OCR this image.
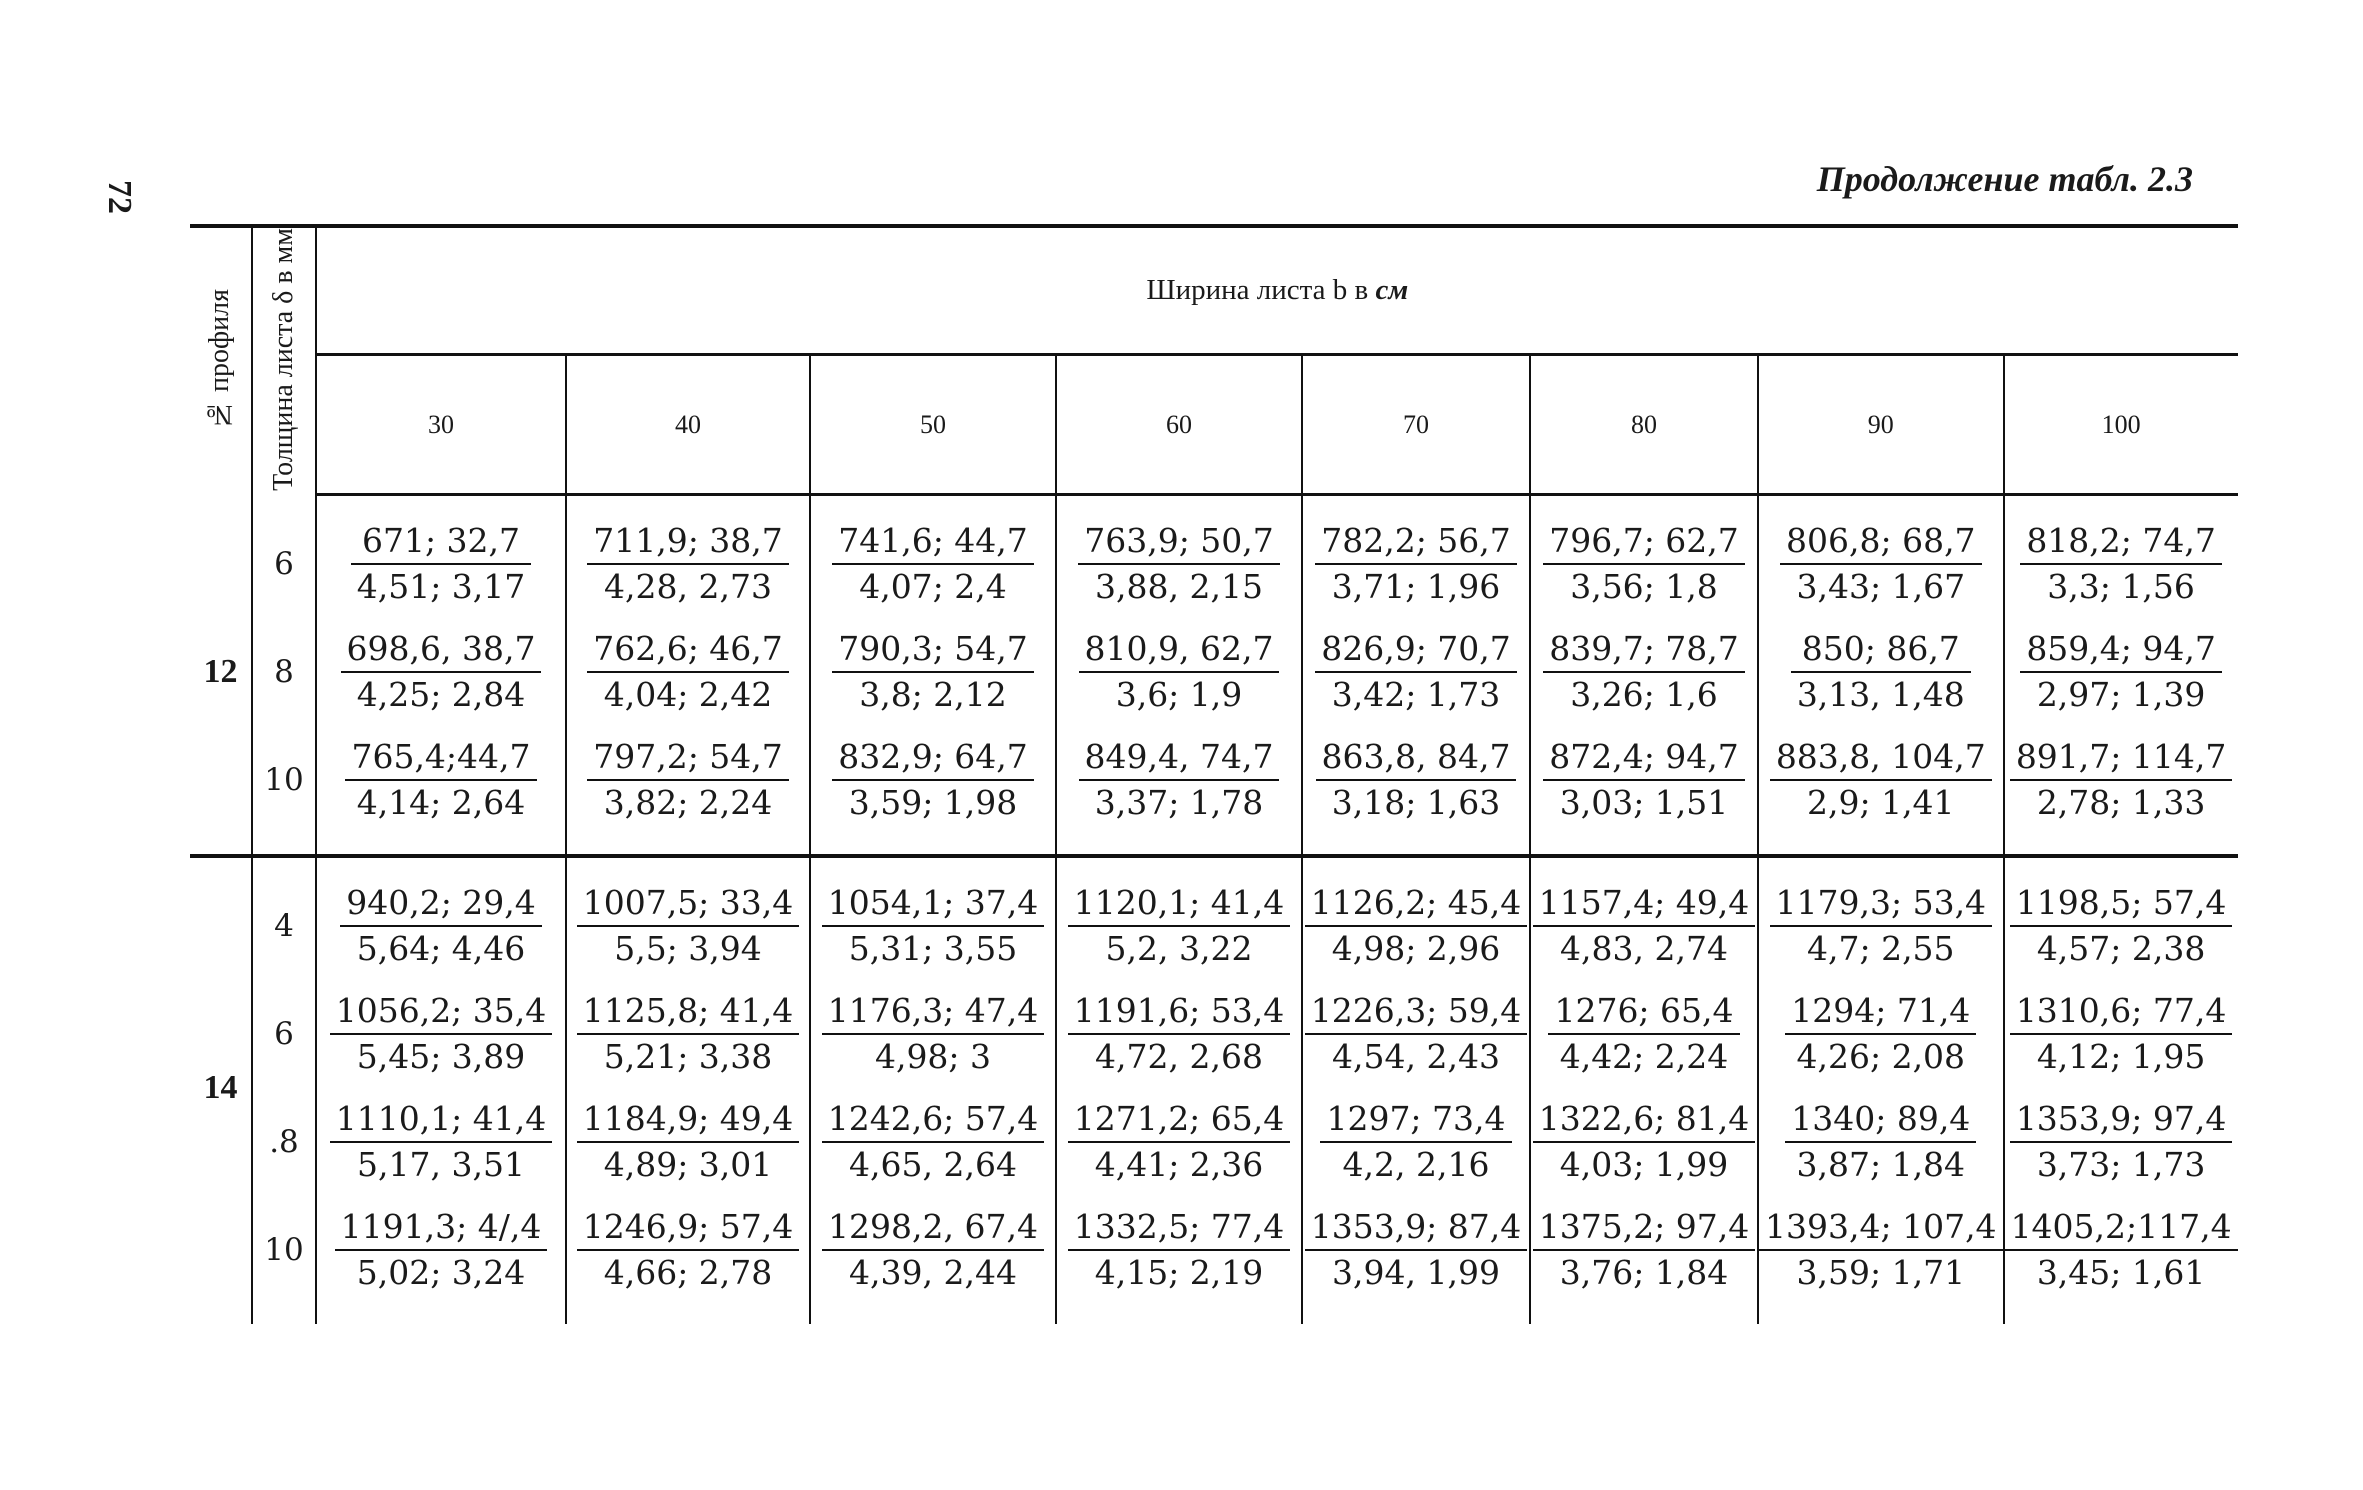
72	Продолжение табл. 2.3
№ профиля	Толщина листа δ в мм	Ширина листа b в см							
		30	40	50	60	70	80	90	100

12	6	$\frac{671; 32,7}{4,51; 3,17}$	$\frac{711,9; 38,7}{4,28, 2,73}$	$\frac{741,6; 44,7}{4,07; 2,4}$	$\frac{763,9; 50,7}{3,88, 2,15}$	$\frac{782,2; 56,7}{3,71; 1,96}$	$\frac{796,7; 62,7}{3,56; 1,8}$	$\frac{806,8; 68,7}{3,43; 1,67}$	$\frac{818,2; 74,7}{3,3; 1,56}$

	8	$\frac{698,6, 38,7}{4,25; 2,84}$	$\frac{762,6; 46,7}{4,04; 2,42}$	$\frac{790,3; 54,7}{3,8; 2,12}$	$\frac{810,9, 62,7}{3,6; 1,9}$	$\frac{826,9; 70,7}{3,42; 1,73}$	$\frac{839,7; 78,7}{3,26; 1,6}$	$\frac{850; 86,7}{3,13, 1,48}$	$\frac{859,4; 94,7}{2,97; 1,39}$

	10	$\frac{765,4;44,7}{4,14; 2,64}$	$\frac{797,2; 54,7}{3,82; 2,24}$	$\frac{832,9; 64,7}{3,59; 1,98}$	$\frac{849,4, 74,7}{3,37; 1,78}$	$\frac{863,8, 84,7}{3,18; 1,63}$	$\frac{872,4; 94,7}{3,03; 1,51}$	$\frac{883,8, 104,7}{2,9; 1,41}$	$\frac{891,7; 114,7}{2,78; 1,33}$

14	4	$\frac{940,2; 29,4}{5,64; 4,46}$	$\frac{1007,5; 33,4}{5,5; 3,94}$	$\frac{1054,1; 37,4}{5,31; 3,55}$	$\frac{1120,1; 41,4}{5,2, 3,22}$	$\frac{1126,2; 45,4}{4,98; 2,96}$	$\frac{1157,4; 49,4}{4,83, 2,74}$	$\frac{1179,3; 53,4}{4,7; 2,55}$	$\frac{1198,5; 57,4}{4,57; 2,38}$

	6	$\frac{1056,2; 35,4}{5,45; 3,89}$	$\frac{1125,8; 41,4}{5,21; 3,38}$	$\frac{1176,3; 47,4}{4,98; 3}$	$\frac{1191,6; 53,4}{4,72, 2,68}$	$\frac{1226,3; 59,4}{4,54, 2,43}$	$\frac{1276; 65,4}{4,42; 2,24}$	$\frac{1294; 71,4}{4,26; 2,08}$	$\frac{1310,6; 77,4}{4,12; 1,95}$

	.8	$\frac{1110,1; 41,4}{5,17, 3,51}$	$\frac{1184,9; 49,4}{4,89; 3,01}$	$\frac{1242,6; 57,4}{4,65, 2,64}$	$\frac{1271,2; 65,4}{4,41; 2,36}$	$\frac{1297; 73,4}{4,2, 2,16}$	$\frac{1322,6; 81,4}{4,03; 1,99}$	$\frac{1340; 89,4}{3,87; 1,84}$	$\frac{1353,9; 97,4}{3,73; 1,73}$

	10	$\frac{1191,3; 4/,4}{5,02; 3,24}$	$\frac{1246,9; 57,4}{4,66; 2,78}$	$\frac{1298,2, 67,4}{4,39, 2,44}$	$\frac{1332,5; 77,4}{4,15; 2,19}$	$\frac{1353,9; 87,4}{3,94, 1,99}$	$\frac{1375,2; 97,4}{3,76; 1,84}$	$\frac{1393,4; 107,4}{3,59; 1,71}$	$\frac{1405,2;117,4}{3,45; 1,61}$
